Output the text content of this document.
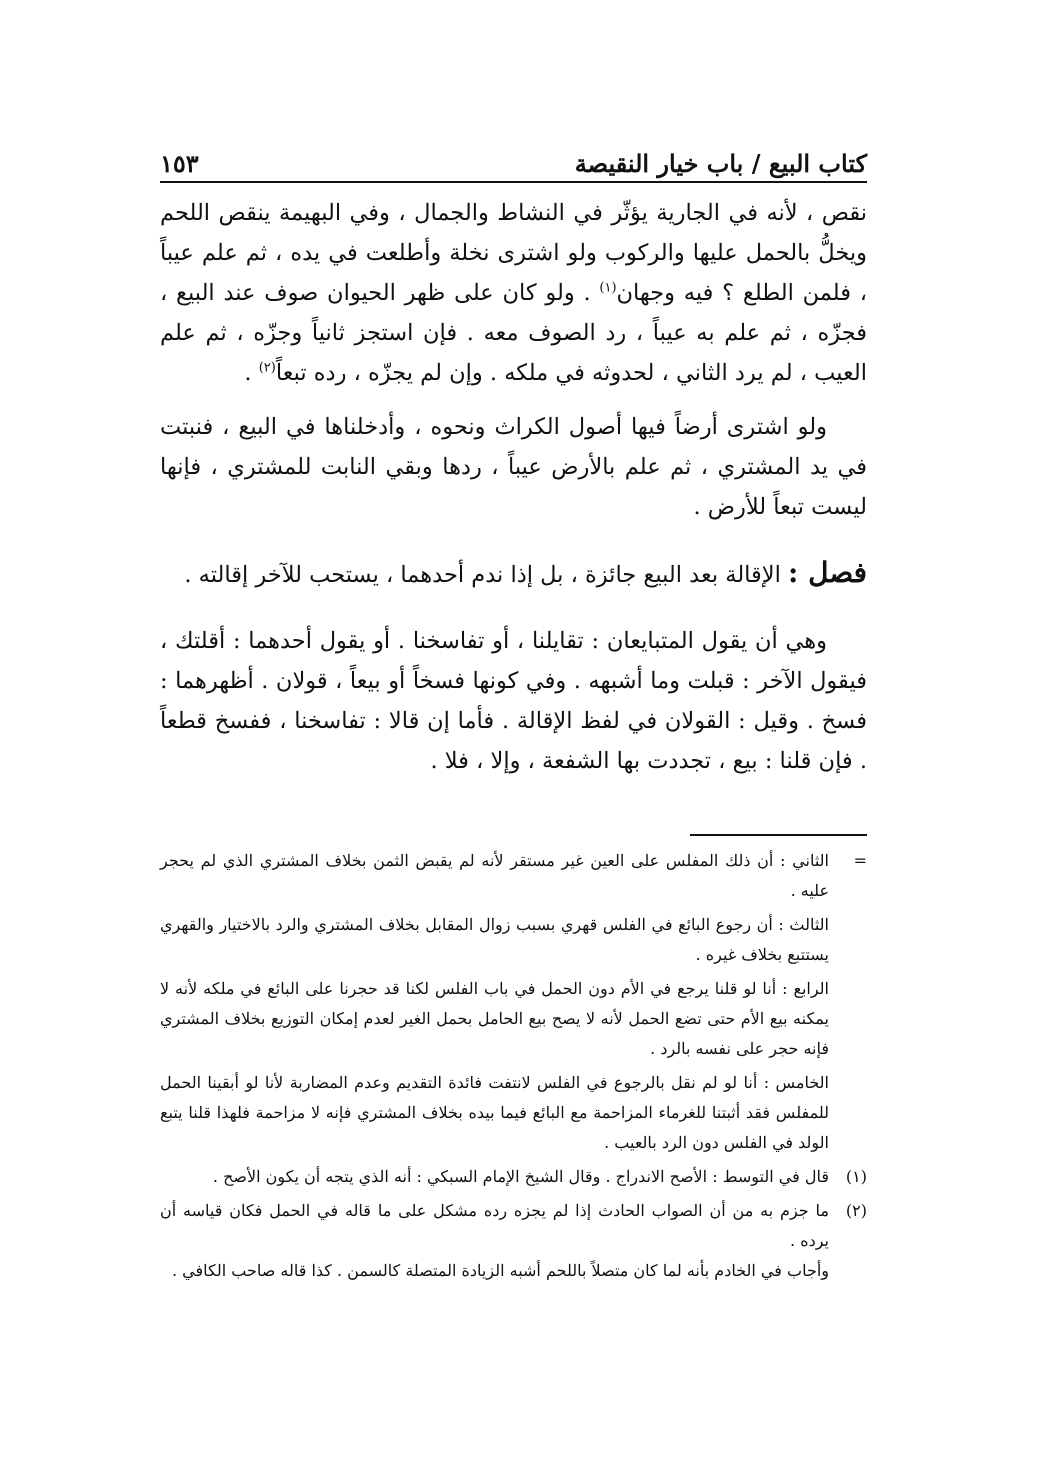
كتاب البيع / باب خيار النقيصة
١٥٣

نقص ، لأنه في الجارية يؤثّر في النشاط والجمال ، وفي البهيمة ينقص اللحم ويخلُّ بالحمل عليها والركوب ولو اشترى نخلة وأطلعت في يده ، ثم علم عيباً ، فلمن الطلع ؟ فيه وجهان$^{(١)}$ . ولو كان على ظهر الحيوان صوف عند البيع ، فجزّه ، ثم علم به عيباً ، رد الصوف معه . فإن استجز ثانياً وجزّه ، ثم علم العيب ، لم يرد الثاني ، لحدوثه في ملكه . وإن لم يجزّه ، رده تبعاً$^{(٢)}$ .

ولو اشترى أرضاً فيها أصول الكراث ونحوه ، وأدخلناها في البيع ، فنبتت في يد المشتري ، ثم علم بالأرض عيباً ، ردها وبقي النابت للمشتري ، فإنها ليست تبعاً للأرض .

فصل : الإقالة بعد البيع جائزة ، بل إذا ندم أحدهما ، يستحب للآخر إقالته .

وهي أن يقول المتبايعان : تقايلنا ، أو تفاسخنا . أو يقول أحدهما : أقلتك ، فيقول الآخر : قبلت وما أشبهه . وفي كونها فسخاً أو بيعاً ، قولان . أظهرهما : فسخ . وقيل : القولان في لفظ الإقالة . فأما إن قالا : تفاسخنا ، ففسخ قطعاً . فإن قلنا : بيع ، تجددت بها الشفعة ، وإلا ، فلا .

=
الثاني : أن ذلك المفلس على العين غير مستقر لأنه لم يقبض الثمن بخلاف المشتري الذي لم يحجر عليه .

الثالث : أن رجوع البائع في الفلس قهري بسبب زوال المقابل بخلاف المشتري والرد بالاختيار والقهري يستتبع بخلاف غيره .

الرابع : أنا لو قلنا يرجع في الأم دون الحمل في باب الفلس لكنا قد حجرنا على البائع في ملكه لأنه لا يمكنه بيع الأم حتى تضع الحمل لأنه لا يصح بيع الحامل بحمل الغير لعدم إمكان التوزيع بخلاف المشتري فإنه حجر على نفسه بالرد .

الخامس : أنا لو لم نقل بالرجوع في الفلس لانتفت فائدة التقديم وعدم المضاربة لأنا لو أبقينا الحمل للمفلس فقد أثبتنا للغرماء المزاحمة مع البائع فيما بيده بخلاف المشتري فإنه لا مزاحمة فلهذا قلنا يتبع الولد في الفلس دون الرد بالعيب .

(١)
قال في التوسط : الأصح الاندراج . وقال الشيخ الإمام السبكي : أنه الذي يتجه أن يكون الأصح .

(٢)
ما جزم به من أن الصواب الحادث إذا لم يجزه رده مشكل على ما قاله في الحمل فكان قياسه أن يرده .

وأجاب في الخادم بأنه لما كان متصلاً باللحم أشبه الزيادة المتصلة كالسمن . كذا قاله صاحب الكافي .
